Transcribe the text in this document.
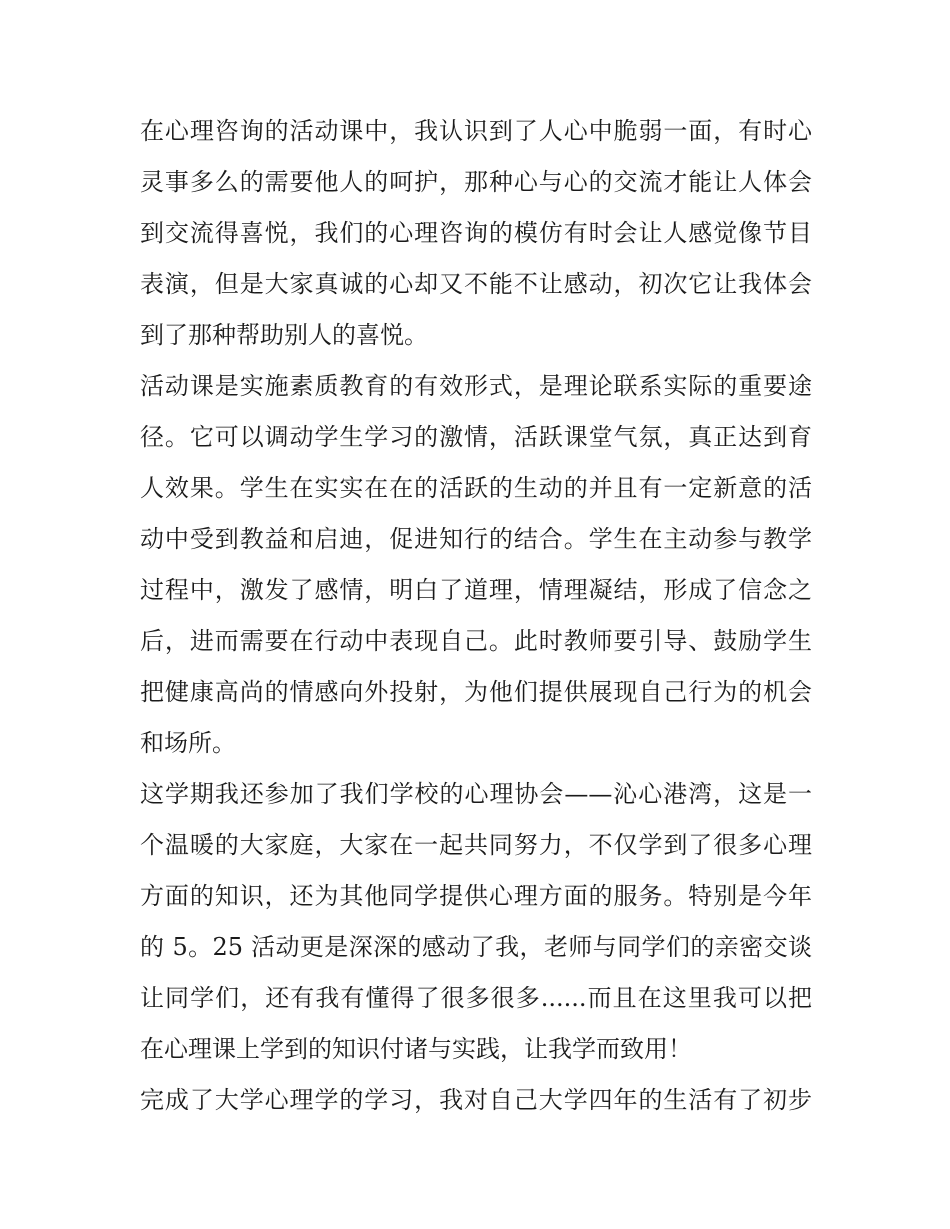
在心理咨询的活动课中，我认识到了人心中脆弱一面，有时心
灵事多么的需要他人的呵护，那种心与心的交流才能让人体会
到交流得喜悦，我们的心理咨询的模仿有时会让人感觉像节目
表演，但是大家真诚的心却又不能不让感动，初次它让我体会
到了那种帮助别人的喜悦。
活动课是实施素质教育的有效形式，是理论联系实际的重要途
径。它可以调动学生学习的激情，活跃课堂气氛，真正达到育
人效果。学生在实实在在的活跃的生动的并且有一定新意的活
动中受到教益和启迪，促进知行的结合。学生在主动参与教学
过程中，激发了感情，明白了道理，情理凝结，形成了信念之
后，进而需要在行动中表现自己。此时教师要引导、鼓励学生
把健康高尚的情感向外投射，为他们提供展现自己行为的机会
和场所。
这学期我还参加了我们学校的心理协会——沁心港湾，这是一
个温暖的大家庭，大家在一起共同努力，不仅学到了很多心理
方面的知识，还为其他同学提供心理方面的服务。特别是今年
的 5。25 活动更是深深的感动了我，老师与同学们的亲密交谈
让同学们，还有我有懂得了很多很多......而且在这里我可以把
在心理课上学到的知识付诸与实践，让我学而致用！
完成了大学心理学的学习，我对自己大学四年的生活有了初步
